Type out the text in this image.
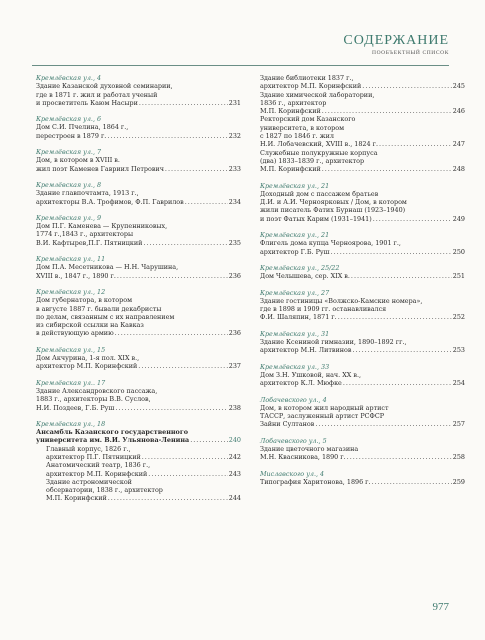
СОДЕРЖАНИЕ
ПООБЪЕКТНЫЙ СПИСОК
Кремлёвская ул., 4
Здание Казанской духовной семинарии,
где в 1871 г. жил и работал ученый
и просветитель Каюм Насыри .....	231
Кремлёвская ул., 6
Дом С.И. Пчелина, 1864 г.,
перестроен в 1879 г. .....	232
Кремлёвская ул., 7
Дом, в котором в XVIII в.
жил поэт Каменев Гавриил Петрович .....	233
Кремлёвская ул., 8
Здание главпочтамта, 1913 г.,
архитекторы В.А. Трофимов, Ф.П. Гаврилов .....	234
Кремлёвская ул., 9
Дом П.Г. Каменева — Крупенниковых,
1774 г.,1843 г., архитекторы
В.И. Кафтырев,П.Г. Пятницкий .....	235
Кремлёвская ул., 11
Дом П.А. Месетникова — Н.Н. Чарушина,
XVIII в., 1847 г., 1890 г. .....	236
Кремлёвская ул., 12
Дом губернатора, в котором
в августе 1887 г. бывали декабристы
по делам, связанным с их направлением
из сибирской ссылки на Кавказ
в действующую армию .....	236
Кремлёвская ул., 15
Дом Акчурина, 1-я пол. XIX в.,
архитектор М.П. Коринфский .....	237
Кремлёвская ул.. 17
Здание Александровского пассажа,
1883 г., архитекторы В.В. Суслов,
Н.И. Поздеев, Г.Б. Руш .....	238
Кремлёвская ул., 18
Ансамбль Казанского государственного
университета им. В.И. Ульянова-Ленина .....	240
Главный корпус, 1826 г.,
архитектор П.Г. Пятницкий .....	242
Анатомический театр, 1836 г.,
архитектор М.П. Коринфский .....	243
Здание астрономической
обсерватории, 1838 г., архитектор
М.П. Коринфский .....	244
Здание библиотеки 1837 г.,
архитектор М.П. Коринфский .....	245
Здание химической лаборатории,
1836 г., архитектор
М.П. Коринфский .....	246
Ректорский дом Казанского
университета, в котором
с 1827 по 1846 г. жил
Н.И. Лобачевский, XVIII в., 1824 г. .....	247
Служебные полукружные корпуса
(два) 1833–1839 г., архитектор
М.П. Коринфский .....	248
Кремлёвская ул., 21
Доходный дом с пассажем братьев
Д.И. и А.И. Черноярковых / Дом, в котором
жили писатель Фатих Бурнаш (1923–1940)
и поэт Фатых Карим (1931–1941) .....	249
Кремлёвская ул., 21
Флигель дома купца Черноярова, 1901 г.,
архитектор Г.Б. Руш .....	250
Кремлёвская ул., 25/22
Дом Челышева, сер. XIX в. .....	251
Кремлёвская ул., 27
Здание гостиницы «Волжско-Камские номера»,
где в 1898 и 1909 гг. останавливался
Ф.И. Шаляпин, 1871 г. .....	252
Кремлёвская ул., 31
Здание Ксениной гимназии, 1890–1892 гг.,
архитектор М.Н. Литвинов .....	253
Кремлёвская ул., 33
Дом З.Н. Ушковой, нач. XX в.,
архитектор К.Л. Мюфке .....	254
Лобачевского ул., 4
Дом, в котором жил народный артист
ТАССР, заслуженный артист РСФСР
Зайни Султанов .....	257
Лобачевского ул., 5
Здание цветочного магазина
М.Н. Квасникова, 1890 г. .....	258
Миславского ул., 4
Типография Харитонова, 1896 г. .....	259
977
